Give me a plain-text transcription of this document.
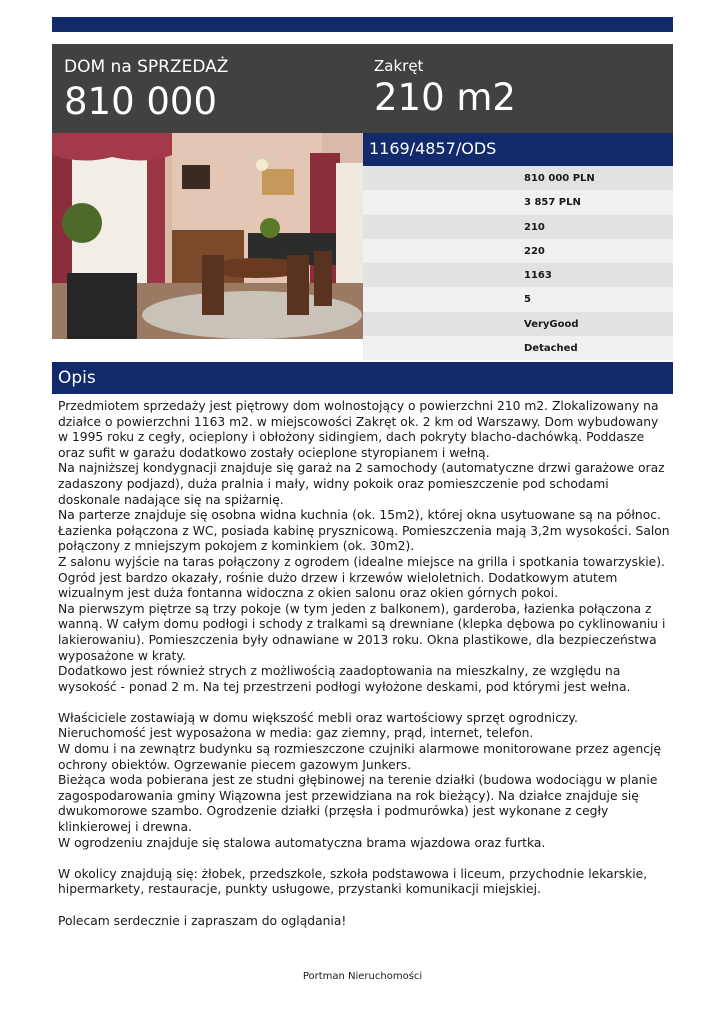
DOM na SPRZEDAŻ
810 000
Zakręt
210 m2
1169/4857/ODS
810 000 PLN
3 857 PLN
210
220
1163
5
VeryGood
Detached
Opis
Przedmiotem sprzedaży jest piętrowy dom wolnostojący o powierzchni 210 m2. Zlokalizowany na
działce o powierzchni 1163 m2. w miejscowości Zakręt ok. 2 km od Warszawy. Dom wybudowany
w 1995 roku z cegły, ocieplony i obłożony sidingiem, dach pokryty blacho-dachówką. Poddasze
oraz sufit w garażu dodatkowo zostały ocieplone styropianem i wełną.
Na najniższej kondygnacji znajduje się garaż na 2 samochody (automatyczne drzwi garażowe oraz
zadaszony podjazd), duża pralnia i mały, widny pokoik oraz pomieszczenie pod schodami
doskonale nadające się na spiżarnię.
Na parterze znajduje się osobna widna kuchnia (ok. 15m2), której okna usytuowane są na północ.
Łazienka połączona z WC, posiada kabinę prysznicową. Pomieszczenia mają 3,2m wysokości. Salon
połączony z mniejszym pokojem z kominkiem (ok. 30m2).
Z salonu wyjście na taras połączony z ogrodem (idealne miejsce na grilla i spotkania towarzyskie).
Ogród jest bardzo okazały, rośnie dużo drzew i krzewów wieloletnich. Dodatkowym atutem
wizualnym jest duża fontanna widoczna z okien salonu oraz okien górnych pokoi.
Na pierwszym piętrze są trzy pokoje (w tym jeden z balkonem), garderoba, łazienka połączona z
wanną. W całym domu podłogi i schody z tralkami są drewniane (klepka dębowa po cyklinowaniu i
lakierowaniu). Pomieszczenia były odnawiane w 2013 roku. Okna plastikowe, dla bezpieczeństwa
wyposażone w kraty.
Dodatkowo jest również strych z możliwością zaadoptowania na mieszkalny, ze względu na
wysokość - ponad 2 m. Na tej przestrzeni podłogi wyłożone deskami, pod którymi jest wełna.

Właściciele zostawiają w domu większość mebli oraz wartościowy sprzęt ogrodniczy.
Nieruchomość jest wyposażona w media: gaz ziemny, prąd, internet, telefon.
W domu i na zewnątrz budynku są rozmieszczone czujniki alarmowe monitorowane przez agencję
ochrony obiektów. Ogrzewanie piecem gazowym Junkers.
Bieżąca woda pobierana jest ze studni głębinowej na terenie działki (budowa wodociągu w planie
zagospodarowania gminy Wiązowna jest przewidziana na rok bieżący). Na działce znajduje się
dwukomorowe szambo. Ogrodzenie działki (przęsła i podmurówka) jest wykonane z cegły
klinkierowej i drewna.
W ogrodzeniu znajduje się stalowa automatyczna brama wjazdowa oraz furtka.

W okolicy znajdują się: żłobek, przedszkole, szkoła podstawowa i liceum, przychodnie lekarskie,
hipermarkety, restauracje, punkty usługowe, przystanki komunikacji miejskiej.

Polecam serdecznie i zapraszam do oglądania!
Portman Nieruchomości
